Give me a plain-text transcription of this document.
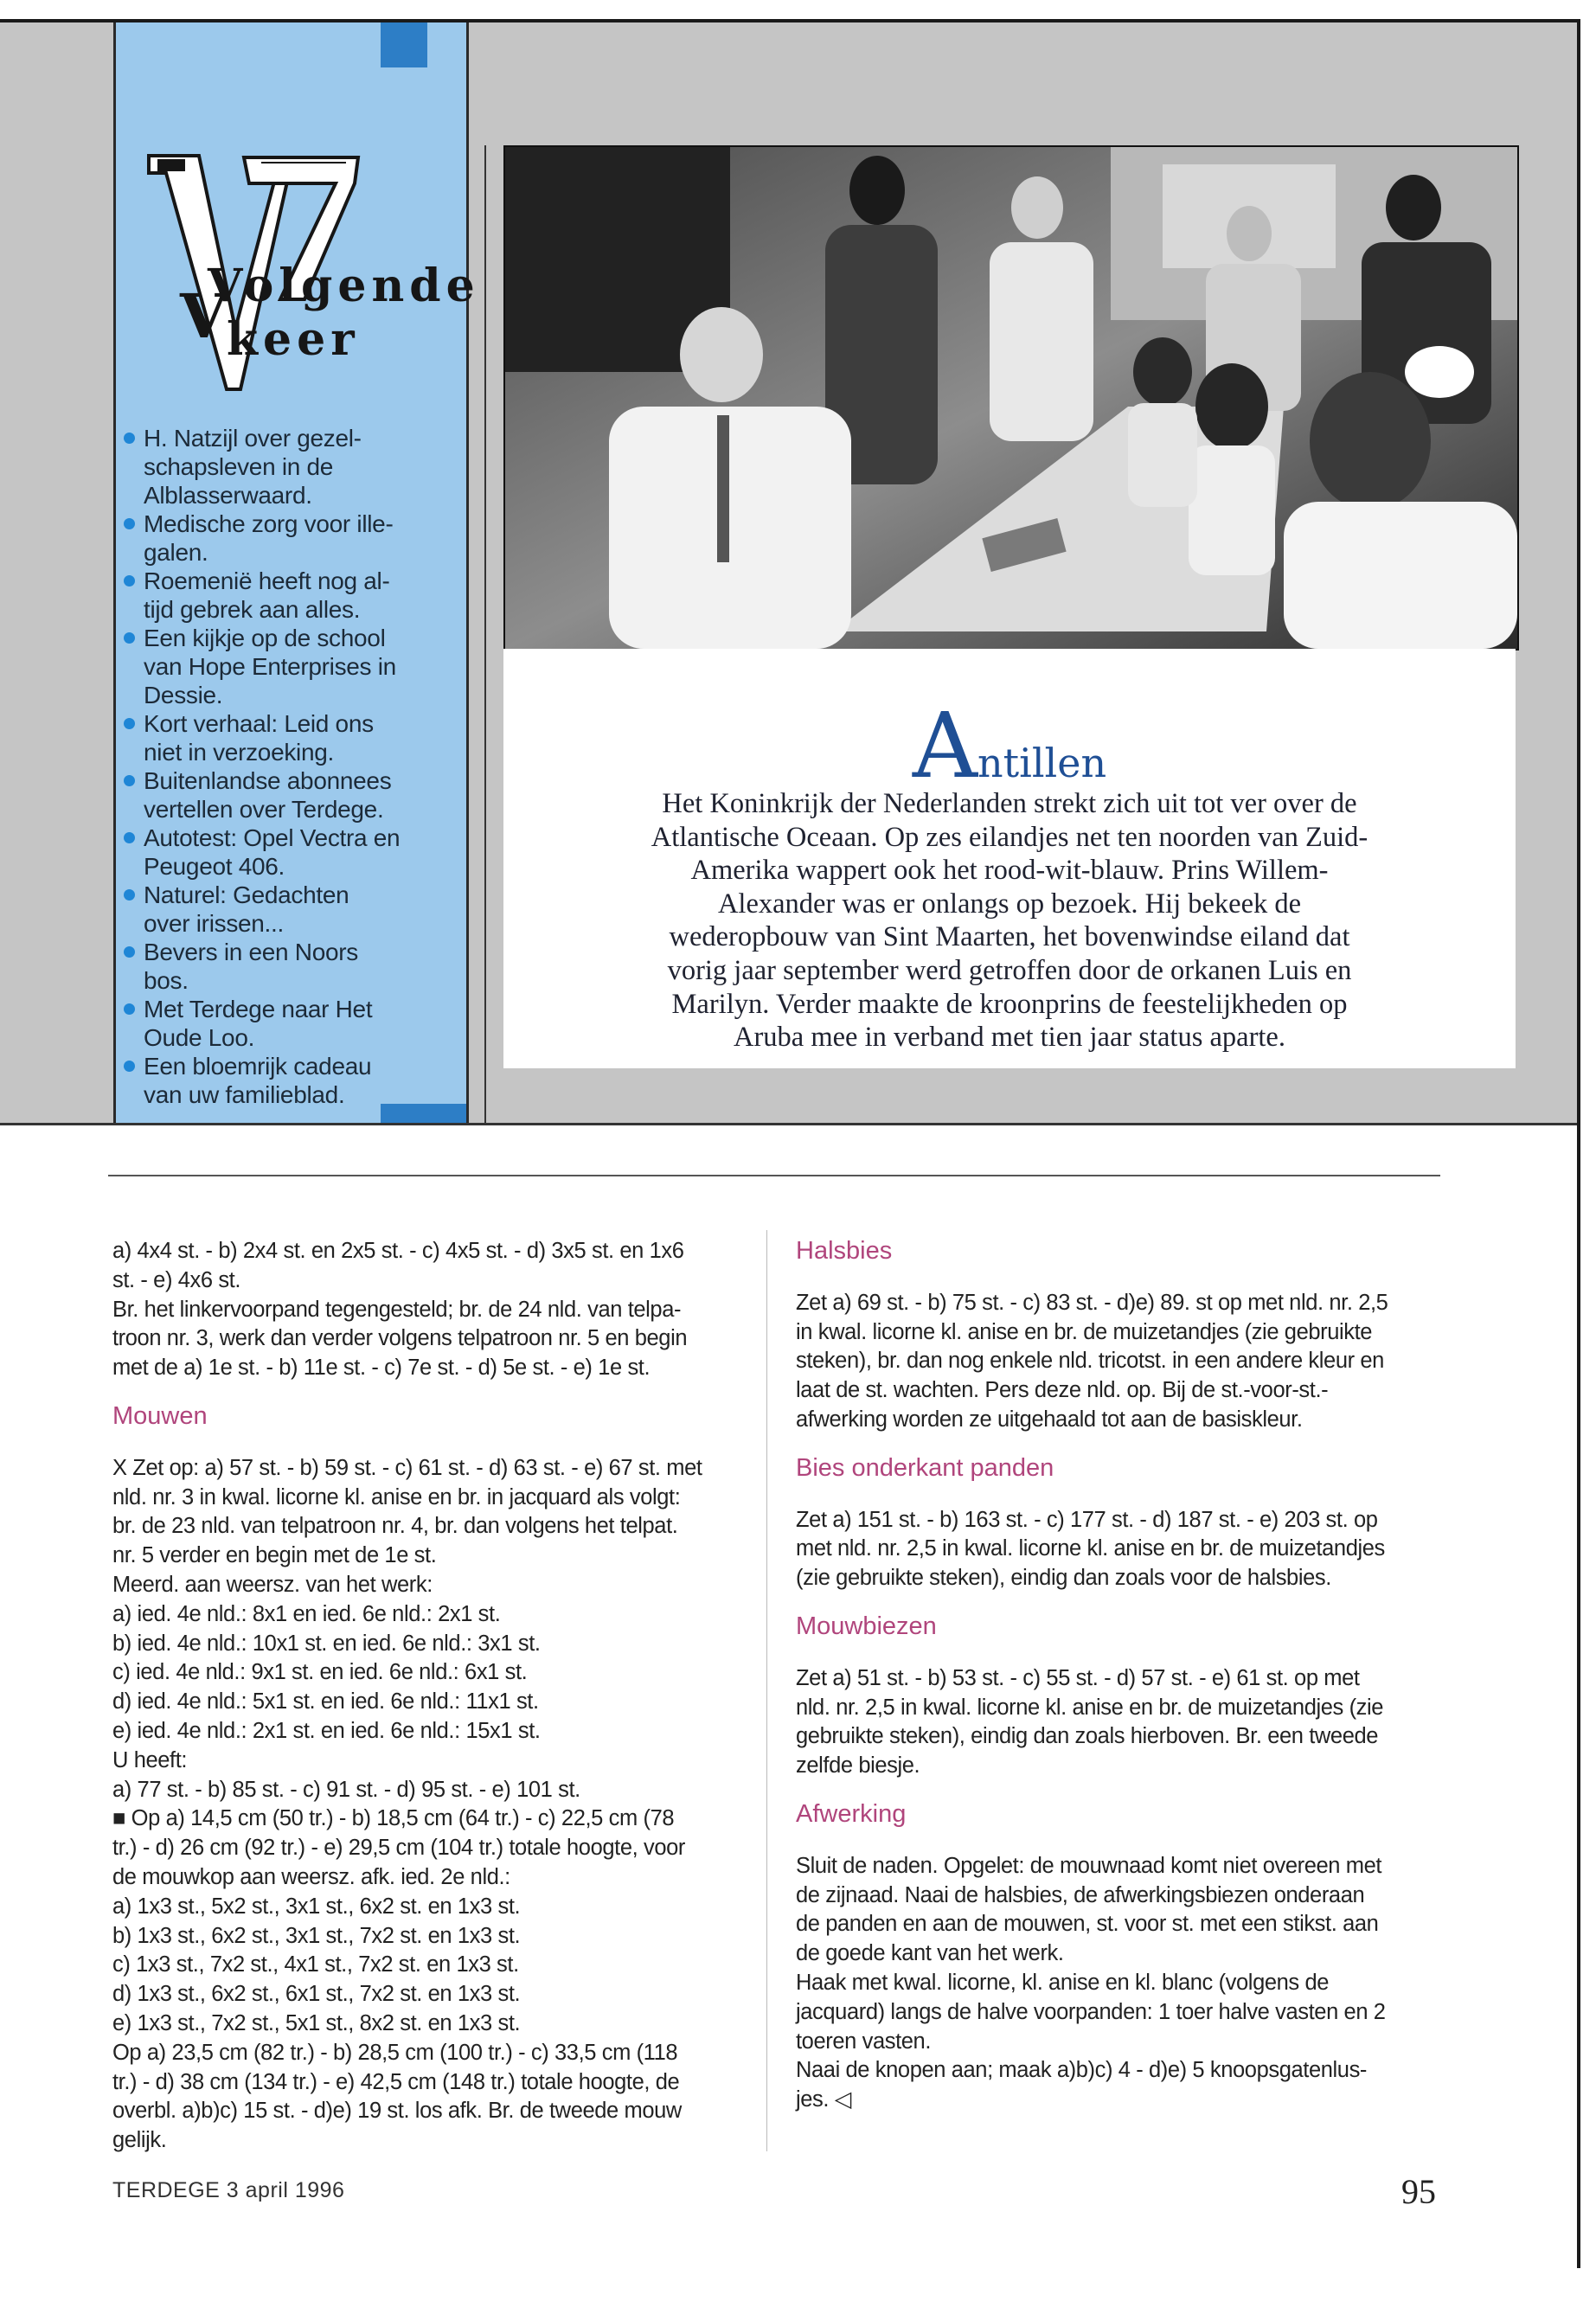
V
Volgende
keer
H. Natzijl over gezel-
schapsleven in de
Alblasserwaard.
Medische zorg voor ille-
galen.
Roemenië heeft nog al-
tijd gebrek aan alles.
Een kijkje op de school
van Hope Enterprises in
Dessie.
Kort verhaal: Leid ons
niet in verzoeking.
Buitenlandse abonnees
vertellen over Terdege.
Autotest: Opel Vectra en
Peugeot 406.
Naturel: Gedachten
over irissen...
Bevers in een Noors
bos.
Met Terdege naar Het
Oude Loo.
Een bloemrijk cadeau
van uw familieblad.
Antillen
Het Koninkrijk der Nederlanden strekt zich uit tot ver over de
Atlantische Oceaan. Op zes eilandjes net ten noorden van Zuid-
Amerika wappert ook het rood-wit-blauw. Prins Willem-
Alexander was er onlangs op bezoek. Hij bekeek de
wederopbouw van Sint Maarten, het bovenwindse eiland dat
vorig jaar september werd getroffen door de orkanen Luis en
Marilyn. Verder maakte de kroonprins de feestelijkheden op
Aruba mee in verband met tien jaar status aparte.
a) 4x4 st. - b) 2x4 st. en 2x5 st. - c) 4x5 st. - d) 3x5 st. en 1x6
st. - e) 4x6 st.
Br. het linkervoorpand tegengesteld; br. de 24 nld. van telpa-
troon nr. 3, werk dan verder volgens telpatroon nr. 5 en begin
met de a) 1e st. - b) 11e st. - c) 7e st. - d) 5e st. - e) 1e st.
Mouwen
X Zet op: a) 57 st. - b) 59 st. - c) 61 st. - d) 63 st. - e) 67 st. met
nld. nr. 3 in kwal. licorne kl. anise en br. in jacquard als volgt:
br. de 23 nld. van telpatroon nr. 4, br. dan volgens het telpat.
nr. 5 verder en begin met de 1e st.
Meerd. aan weersz. van het werk:
a) ied. 4e nld.: 8x1 en ied. 6e nld.: 2x1 st.
b) ied. 4e nld.: 10x1 st. en ied. 6e nld.: 3x1 st.
c) ied. 4e nld.: 9x1 st. en ied. 6e nld.: 6x1 st.
d) ied. 4e nld.: 5x1 st. en ied. 6e nld.: 11x1 st.
e) ied. 4e nld.: 2x1 st. en ied. 6e nld.: 15x1 st.
U heeft:
a) 77 st. - b) 85 st. - c) 91 st. - d) 95 st. - e) 101 st.
■ Op a) 14,5 cm (50 tr.) - b) 18,5 cm (64 tr.) - c) 22,5 cm (78
tr.) - d) 26 cm (92 tr.) - e) 29,5 cm (104 tr.) totale hoogte, voor
de mouwkop aan weersz. afk. ied. 2e nld.:
a) 1x3 st., 5x2 st., 3x1 st., 6x2 st. en 1x3 st.
b) 1x3 st., 6x2 st., 3x1 st., 7x2 st. en 1x3 st.
c) 1x3 st., 7x2 st., 4x1 st., 7x2 st. en 1x3 st.
d) 1x3 st., 6x2 st., 6x1 st., 7x2 st. en 1x3 st.
e) 1x3 st., 7x2 st., 5x1 st., 8x2 st. en 1x3 st.
Op a) 23,5 cm (82 tr.) - b) 28,5 cm (100 tr.) - c) 33,5 cm (118
tr.) - d) 38 cm (134 tr.) - e) 42,5 cm (148 tr.) totale hoogte, de
overbl. a)b)c) 15 st. - d)e) 19 st. los afk. Br. de tweede mouw
gelijk.
Halsbies
Zet a) 69 st. - b) 75 st. - c) 83 st. - d)e) 89. st op met nld. nr. 2,5
in kwal. licorne kl. anise en br. de muizetandjes (zie gebruikte
steken), br. dan nog enkele nld. tricotst. in een andere kleur en
laat de st. wachten. Pers deze nld. op. Bij de st.-voor-st.-
afwerking worden ze uitgehaald tot aan de basiskleur.
Bies onderkant panden
Zet a) 151 st. - b) 163 st. - c) 177 st. - d) 187 st. - e) 203 st. op
met nld. nr. 2,5 in kwal. licorne kl. anise en br. de muizetandjes
(zie gebruikte steken), eindig dan zoals voor de halsbies.
Mouwbiezen
Zet a) 51 st. - b) 53 st. - c) 55 st. - d) 57 st. - e) 61 st. op met
nld. nr. 2,5 in kwal. licorne kl. anise en br. de muizetandjes (zie
gebruikte steken), eindig dan zoals hierboven. Br. een tweede
zelfde biesje.
Afwerking
Sluit de naden. Opgelet: de mouwnaad komt niet overeen met
de zijnaad. Naai de halsbies, de afwerkingsbiezen onderaan
de panden en aan de mouwen, st. voor st. met een stikst. aan
de goede kant van het werk.
Haak met kwal. licorne, kl. anise en kl. blanc (volgens de
jacquard) langs de halve voorpanden: 1 toer halve vasten en 2
toeren vasten.
Naai de knopen aan; maak a)b)c) 4 - d)e) 5 knoopsgatenlus-
jes. ◁
TERDEGE 3 april 1996	95
